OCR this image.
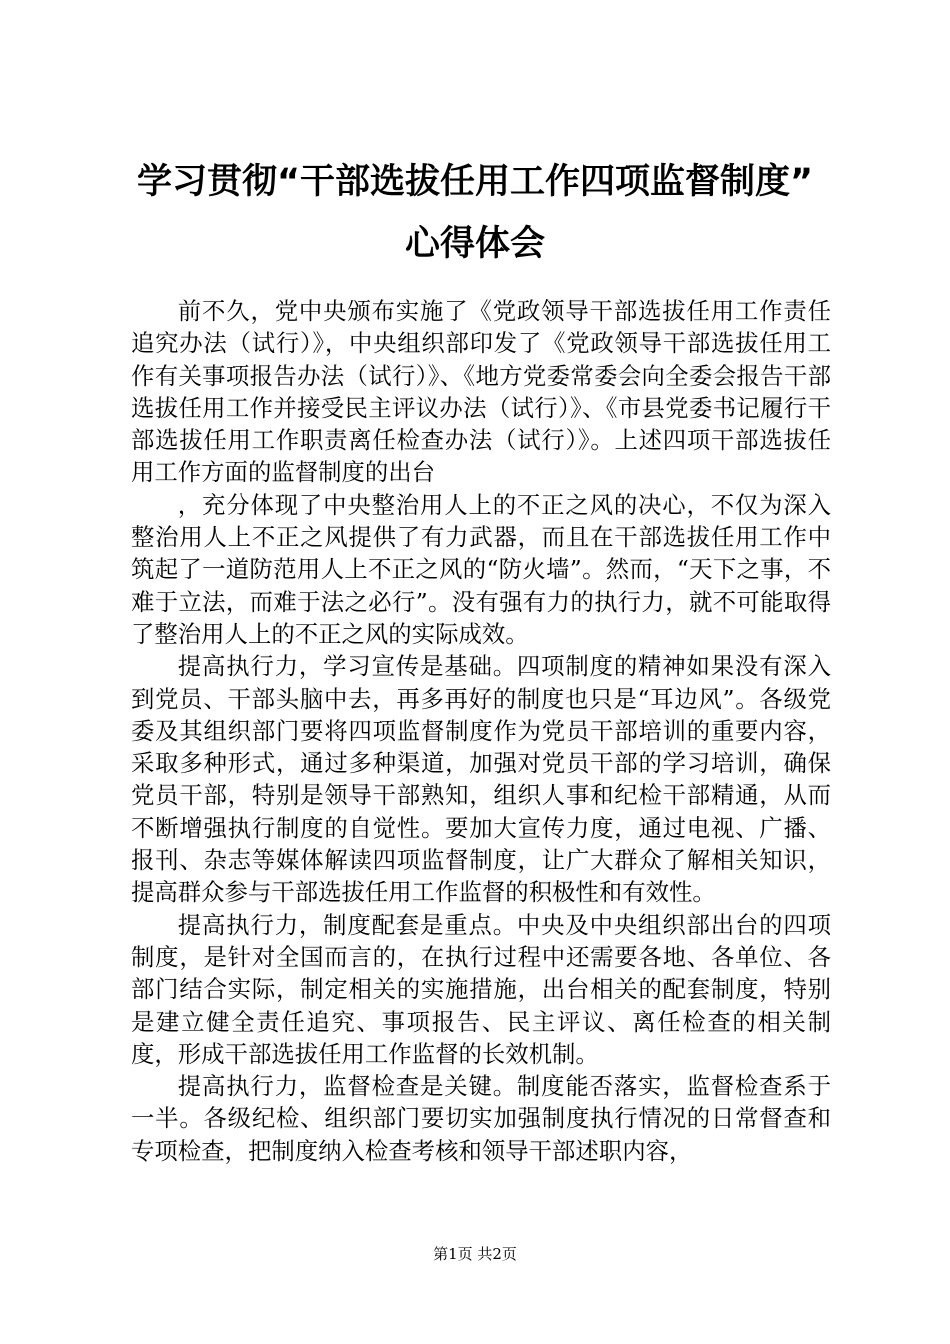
学习贯彻“干部选拔任用工作四项监督制度”
心得体会

前不久，党中央颁布实施了《党政领导干部选拔任用工作责任追究办法（试行）》，中央组织部印发了《党政领导干部选拔任用工作有关事项报告办法（试行）》、《地方党委常委会向全委会报告干部选拔任用工作并接受民主评议办法（试行）》、《市县党委书记履行干部选拔任用工作职责离任检查办法（试行）》。上述四项干部选拔任用工作方面的监督制度的出台

，充分体现了中央整治用人上的不正之风的决心，不仅为深入整治用人上不正之风提供了有力武器，而且在干部选拔任用工作中筑起了一道防范用人上不正之风的“防火墙”。然而，“天下之事，不难于立法，而难于法之必行”。没有强有力的执行力，就不可能取得了整治用人上的不正之风的实际成效。

提高执行力，学习宣传是基础。四项制度的精神如果没有深入到党员、干部头脑中去，再多再好的制度也只是“耳边风”。各级党委及其组织部门要将四项监督制度作为党员干部培训的重要内容，采取多种形式，通过多种渠道，加强对党员干部的学习培训，确保党员干部，特别是领导干部熟知，组织人事和纪检干部精通，从而不断增强执行制度的自觉性。要加大宣传力度，通过电视、广播、报刊、杂志等媒体解读四项监督制度，让广大群众了解相关知识，提高群众参与干部选拔任用工作监督的积极性和有效性。

提高执行力，制度配套是重点。中央及中央组织部出台的四项制度，是针对全国而言的，在执行过程中还需要各地、各单位、各部门结合实际，制定相关的实施措施，出台相关的配套制度，特别是建立健全责任追究、事项报告、民主评议、离任检查的相关制度，形成干部选拔任用工作监督的长效机制。

提高执行力，监督检查是关键。制度能否落实，监督检查系于一半。各级纪检、组织部门要切实加强制度执行情况的日常督查和专项检查，把制度纳入检查考核和领导干部述职内容，

第1页 共2页
